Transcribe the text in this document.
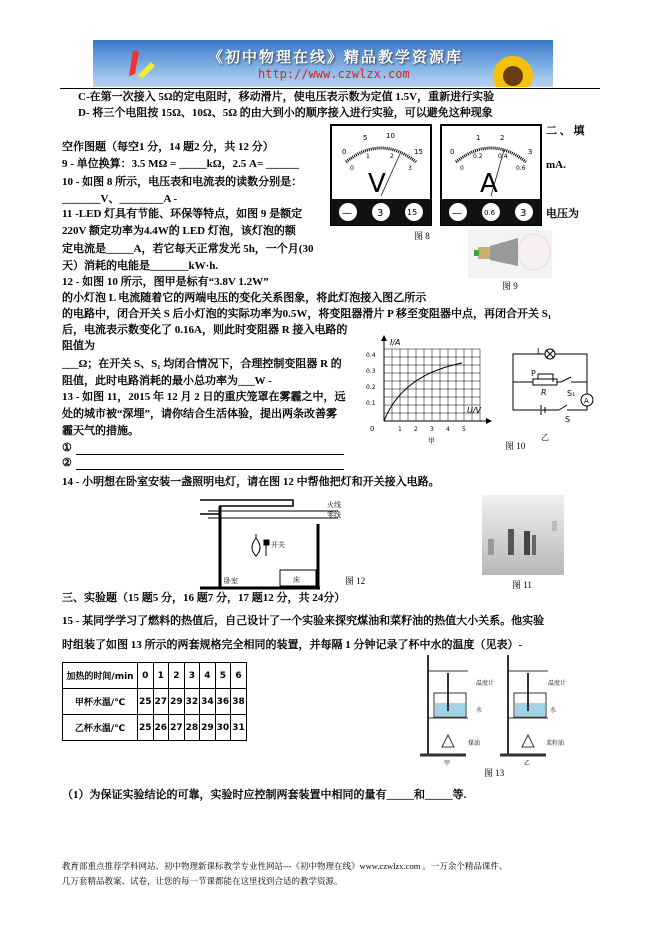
《初中物理在线》精品教学资源库
http://www.czwlzx.com
C-在第一次接入 5Ω的定电阻时，移动滑片，使电压表示数为定值 1.5V，重新进行实验
D- 将三个电阻按 15Ω、10Ω、5Ω 的由大到小的顺序接入进行实验，可以避免这种现象
二 、 填
空作图题（每空1 分，14 题2 分，共 12 分）
9 - 单位换算：3.5 MΩ = _____kΩ，2.5 A= ______	mA.
10 - 如图 8 所示，电压表和电流表的读数分别是：
_______V、________A -
11 -LED 灯具有节能、环保等特点，如图 9 是额定	电压为
220V 额定功率为4.4W的 LED 灯泡，该灯泡的额
定电流是_____A，若它每天正常发光 5h，一个月(30
天）消耗的电能是_______kW·h.
12 - 如图 10 所示，图甲是标有“3.8V 1.2W”
的小灯泡 L 电流随着它的两端电压的变化关系图象，将此灯泡接入图乙所示
的电路中，闭合开关 S 后小灯泡的实际功率为0.5W，将变阻器滑片 P 移至变阻器中点，再闭合开关 S₁
后，电流表示数变化了 0.16A，则此时变阻器 R 接入电路的
阻值为
___Ω；在开关 S、S₁ 均闭合情况下，合理控制变阻器 R 的
阻值，此时电路消耗的最小总功率为___W -
13 - 如图 11，2015 年 12 月 2 日的重庆笼罩在雾霾之中，远
处的城市被“深埋”，请你结合生活体验，提出两条改善雾
霾天气的措施。
①
②
14 - 小明想在卧室安装一盏照明电灯，请在图 12 中帮他把灯和开关接入电路。
三、实验题（15 题5 分，16 题7 分，17 题12 分，共 24分）
15 - 某同学学习了燃料的热值后，自己设计了一个实验来探究煤油和菜籽油的热值大小关系。他实验
时组装了如图 13 所示的两套规格完全相同的装置，并每隔 1 分钟记录了杯中水的温度（见表）-
（1）为保证实验结论的可靠，实验时应控制两套装置中相同的量有_____和_____等.
0
5	10
15
0
1	2
3
V
—	3	15
0
1	2
3
0
0.2	0.4
0.6
A
—	0.6 3
图 8
图 9
I/A
U/V
0
0.1
0.2
0.3
0.4
1 2 3 4 5
甲
L
P
R	S₁
A
S
乙
图 10
卧室	床
开关
火线
零线
图 12	图 11
加热的时间/min	0	1	2	3	4	5	6
甲杯水温/℃	25	27	29	32	34	36	38
乙杯水温/℃	25	26	27	28	29	30	31
温度计
水
煤油
温度计
水
菜籽油
甲	乙
图 13
教育部重点推荐学科网站、初中物理新课标教学专业性网站---《初中物理在线》www.czwlzx.com 。一万余个精品课件、
几万套精品教案、试卷，让您的每一节课都能在这里找到合适的教学资源。
